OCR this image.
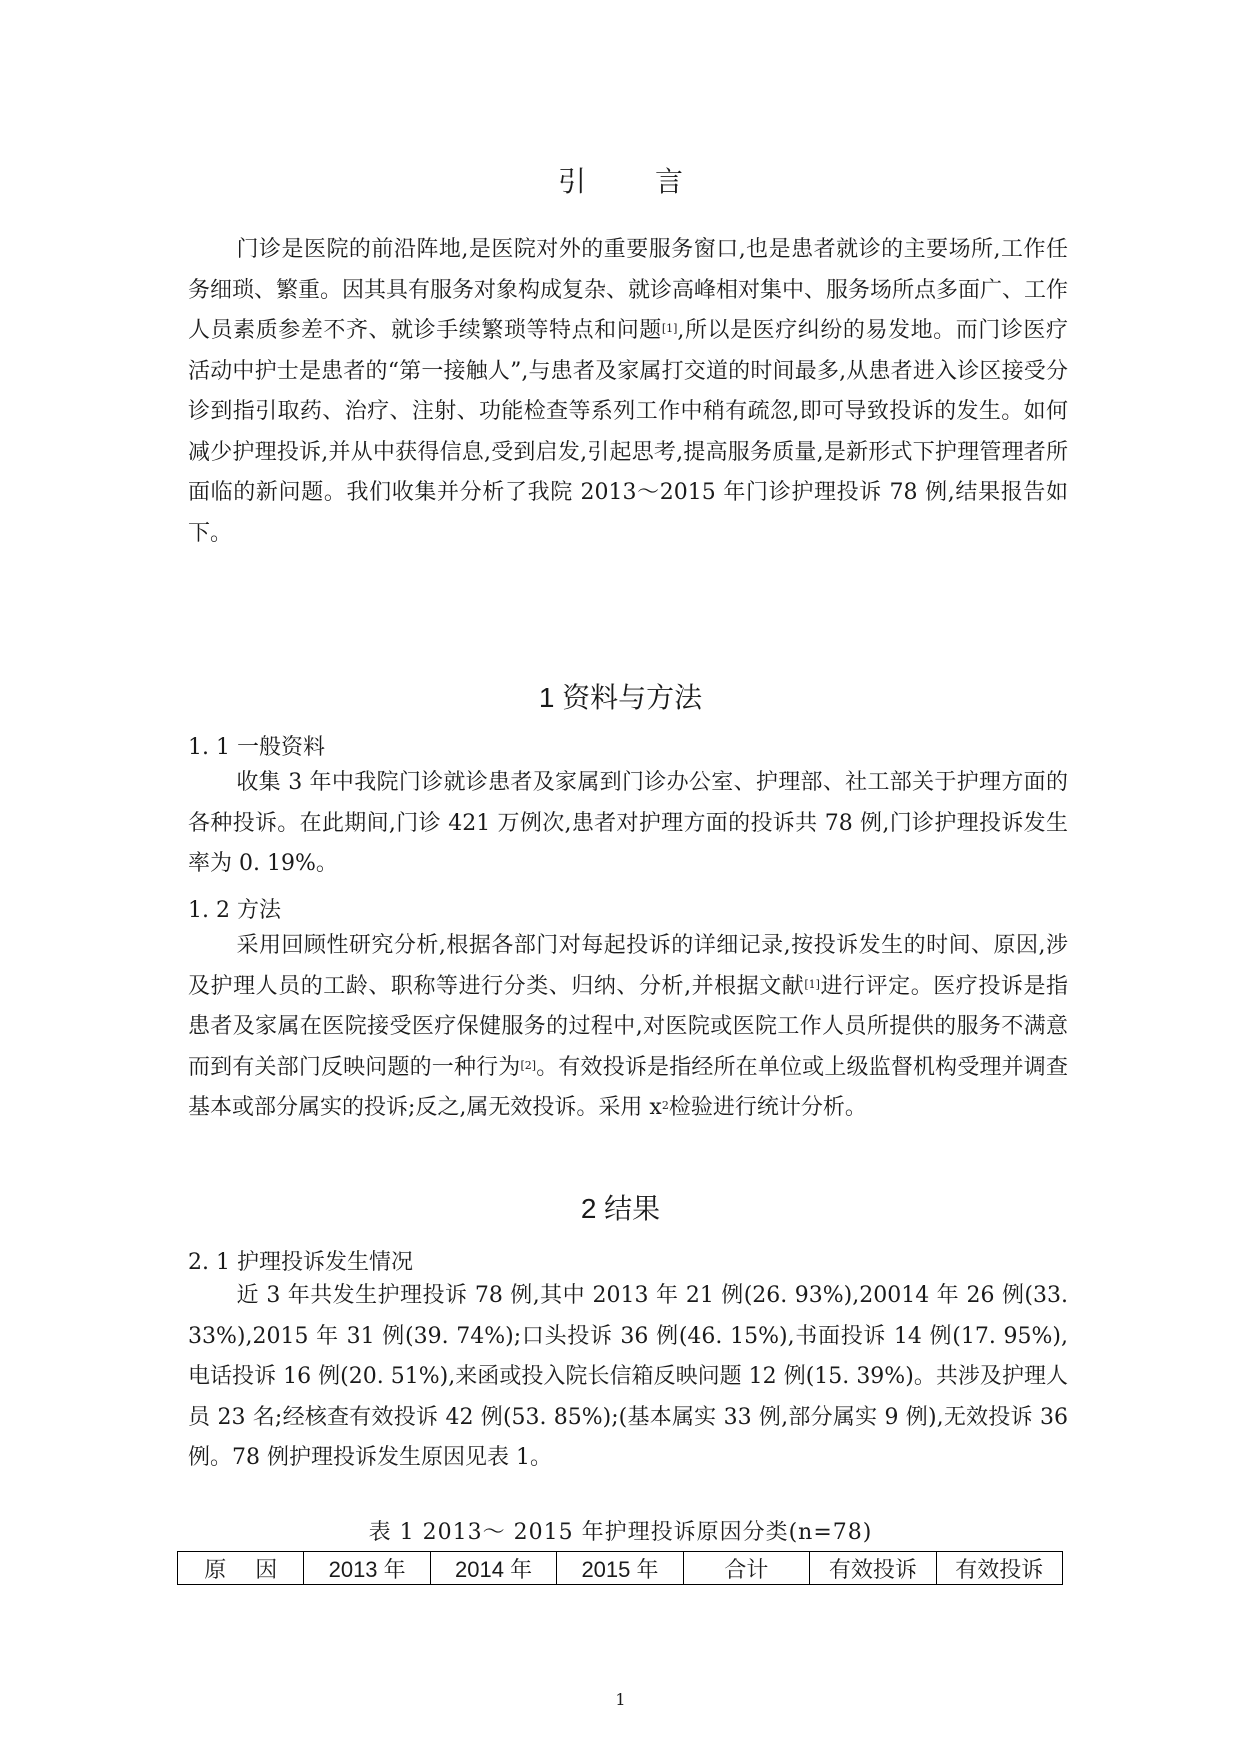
引 言

门诊是医院的前沿阵地,是医院对外的重要服务窗口,也是患者就诊的主要场所,工作任务细琐、繁重。因其具有服务对象构成复杂、就诊高峰相对集中、服务场所点多面广、工作人员素质参差不齐、就诊手续繁琐等特点和问题[1],所以是医疗纠纷的易发地。而门诊医疗活动中护士是患者的“第一接触人”,与患者及家属打交道的时间最多,从患者进入诊区接受分诊到指引取药、治疗、注射、功能检查等系列工作中稍有疏忽,即可导致投诉的发生。如何减少护理投诉,并从中获得信息,受到启发,引起思考,提高服务质量,是新形式下护理管理者所面临的新问题。我们收集并分析了我院 2013～2015 年门诊护理投诉 78 例,结果报告如下。

1 资料与方法
1. 1 一般资料

收集 3 年中我院门诊就诊患者及家属到门诊办公室、护理部、社工部关于护理方面的各种投诉。在此期间,门诊 421 万例次,患者对护理方面的投诉共 78 例,门诊护理投诉发生率为 0. 19%。

1. 2 方法

采用回顾性研究分析,根据各部门对每起投诉的详细记录,按投诉发生的时间、原因,涉及护理人员的工龄、职称等进行分类、归纳、分析,并根据文献[1]进行评定。医疗投诉是指患者及家属在医院接受医疗保健服务的过程中,对医院或医院工作人员所提供的服务不满意而到有关部门反映问题的一种行为[2]。有效投诉是指经所在单位或上级监督机构受理并调查基本或部分属实的投诉;反之,属无效投诉。采用 $x^2$检验进行统计分析。

2 结果
2. 1 护理投诉发生情况

近 3 年共发生护理投诉 78 例,其中 2013 年 21 例(26. 93%),20014 年 26 例(33. 33%),2015 年 31 例(39. 74%);口头投诉 36 例(46. 15%),书面投诉 14 例(17. 95%),电话投诉 16 例(20. 51%),来函或投入院长信箱反映问题 12 例(15. 39%)。共涉及护理人员 23 名;经核查有效投诉 42 例(53. 85%);(基本属实 33 例,部分属实 9 例),无效投诉 36 例。78 例护理投诉发生原因见表 1。

表 1 2013～ 2015 年护理投诉原因分类(n=78)
原　 因	2013 年	2014 年	2015 年	合计	有效投诉	有效投诉
1
